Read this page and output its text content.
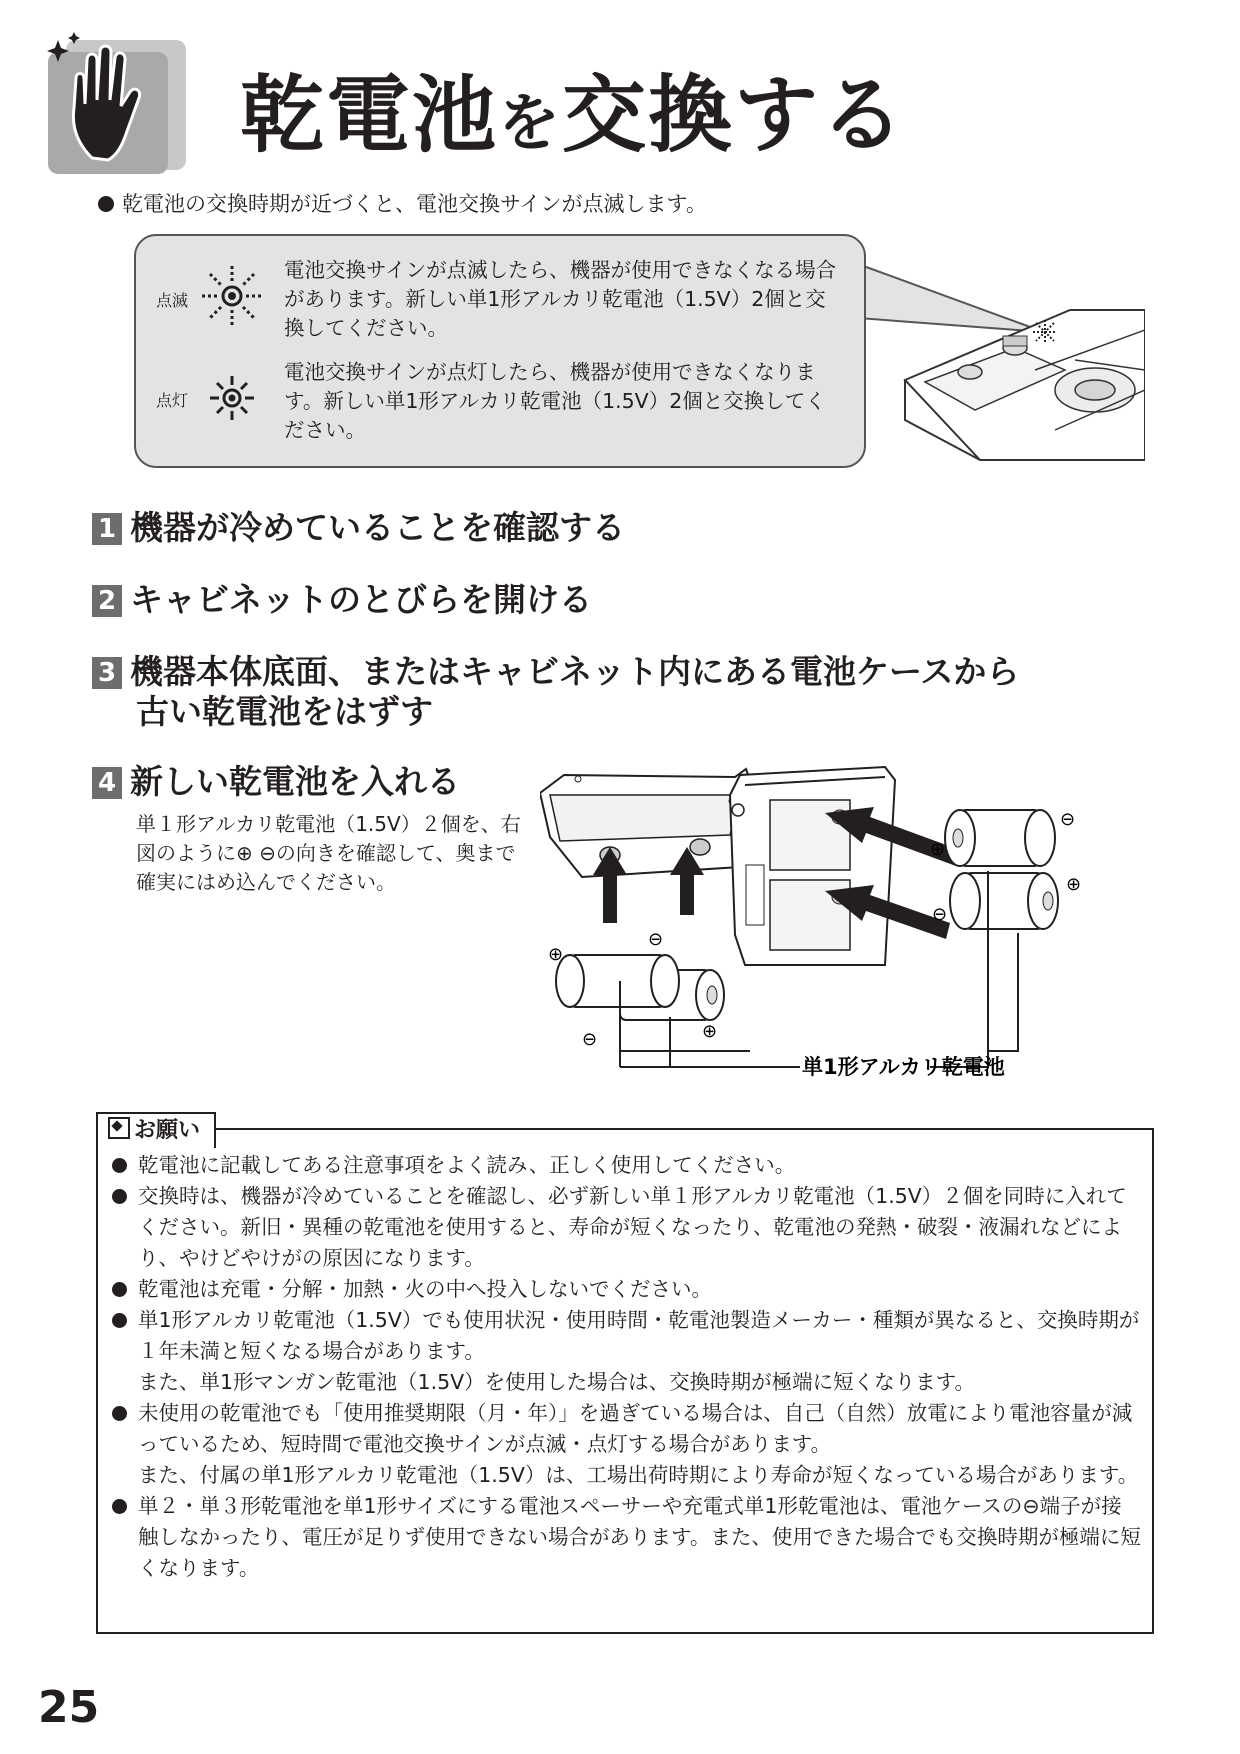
乾電池を交換する
乾電池の交換時期が近づくと、電池交換サインが点滅します。
点滅
電池交換サインが点滅したら、機器が使用できなくなる場合があります。新しい単1形アルカリ乾電池（1.5V）2個と交換してください。
点灯
電池交換サインが点灯したら、機器が使用できなくなります。新しい単1形アルカリ乾電池（1.5V）2個と交換してください。
1 機器が冷めていることを確認する
2 キャビネットのとびらを開ける
3 機器本体底面、またはキャビネット内にある電池ケースから
古い乾電池をはずす
4 新しい乾電池を入れる
単１形アルカリ乾電池（1.5V）２個を、右図のように⊕ ⊖の向きを確認して、奥まで確実にはめ込んでください。
⊕
⊖
⊖	⊕
⊕
⊖
⊖
⊕
単1形アルカリ乾電池
お願い
乾電池に記載してある注意事項をよく読み、正しく使用してください。
交換時は、機器が冷めていることを確認し、必ず新しい単１形アルカリ乾電池（1.5V）２個を同時に入れてください。新旧・異種の乾電池を使用すると、寿命が短くなったり、乾電池の発熱・破裂・液漏れなどにより、やけどやけがの原因になります。
乾電池は充電・分解・加熱・火の中へ投入しないでください。
単1形アルカリ乾電池（1.5V）でも使用状況・使用時間・乾電池製造メーカー・種類が異なると、交換時期が１年未満と短くなる場合があります。
また、単1形マンガン乾電池（1.5V）を使用した場合は、交換時期が極端に短くなります。
未使用の乾電池でも「使用推奨期限（月・年）」を過ぎている場合は、自己（自然）放電により電池容量が減っているため、短時間で電池交換サインが点滅・点灯する場合があります。
また、付属の単1形アルカリ乾電池（1.5V）は、工場出荷時期により寿命が短くなっている場合があります。
単２・単３形乾電池を単1形サイズにする電池スペーサーや充電式単1形乾電池は、電池ケースの⊖端子が接触しなかったり、電圧が足りず使用できない場合があります。また、使用できた場合でも交換時期が極端に短くなります。
25
